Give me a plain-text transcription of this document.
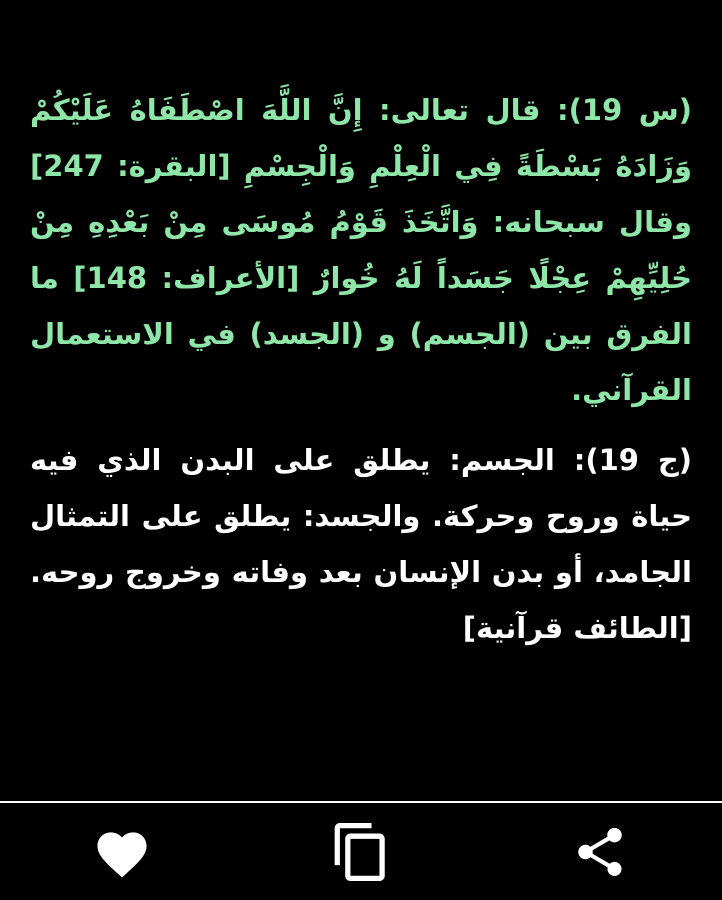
(س 19): قال تعالى: إِنَّ اللَّهَ اصْطَفَاهُ عَلَيْكُمْ وَزَادَهُ بَسْطَةً فِي الْعِلْمِ وَالْجِسْمِ [البقرة: 247] وقال سبحانه: وَاتَّخَذَ قَوْمُ مُوسَى مِنْ بَعْدِهِ مِنْ حُلِيِّهِمْ عِجْلًا جَسَداً لَهُ خُوارٌ [الأعراف: 148] ما الفرق بين (الجسم) و (الجسد) في الاستعمال القرآني.

(ج 19): الجسم: يطلق على البدن الذي فيه حياة وروح وحركة. والجسد: يطلق على التمثال الجامد، أو بدن الإنسان بعد وفاته وخروج روحه. [الطائف قرآنية]
